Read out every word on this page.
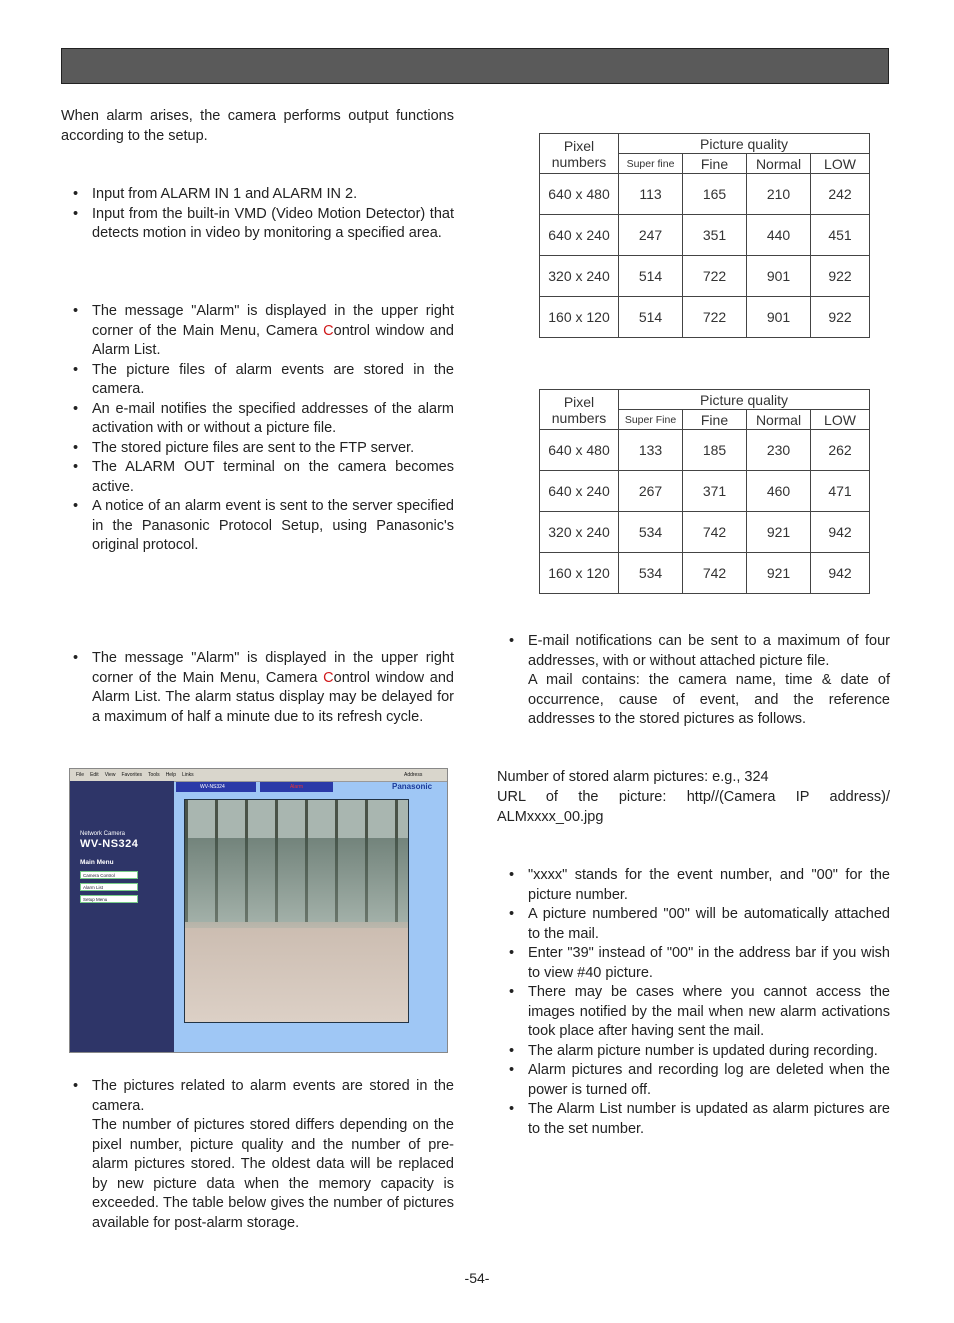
When alarm arises, the camera performs output functions according to the setup.
• Input from ALARM IN 1 and ALARM IN 2.
• Input from the built-in VMD (Video Motion Detector) that detects motion in video by monitoring a specified area.
• The message "Alarm" is displayed in the upper right corner of the Main Menu, Camera Control window and Alarm List.
• The picture files of alarm events are stored in the camera.
• An e-mail notifies the specified addresses of the alarm activation with or without a picture file.
• The stored picture files are sent to the FTP server.
• The ALARM OUT terminal on the camera becomes active.
• A notice of an alarm event is sent to the server specified in the Panasonic Protocol Setup, using Panasonic's original protocol.
• The message "Alarm" is displayed in the upper right corner of the Main Menu, Camera Control window and Alarm List. The alarm status display may be delayed for a maximum of half a minute due to its refresh cycle.
File Edit View Favorites Tools Help Links	Address
Network Camera
WV-NS324
Main Menu
Camera Control
Alarm List
Setup Menu
WV-NS324	Alarm	Panasonic
• The pictures related to alarm events are stored in the camera.
The number of pictures stored differs depending on the pixel number, picture quality and the number of pre-alarm pictures stored. The oldest data will be replaced by new picture data when the memory capacity is exceeded. The table below gives the number of pictures available for post-alarm storage.
Pixel numbers	Picture quality			
	Super fine	Fine	Normal	LOW
640 x 480	113	165	210	242
640 x 240	247	351	440	451
320 x 240	514	722	901	922
160 x 120	514	722	901	922
Pixel numbers	Picture quality			
	Super Fine	Fine	Normal	LOW
640 x 480	133	185	230	262
640 x 240	267	371	460	471
320 x 240	534	742	921	942
160 x 120	534	742	921	942
• E-mail notifications can be sent to a maximum of four addresses, with or without attached picture file.
A mail contains: the camera name, time & date of occurrence, cause of event, and the reference addresses to the stored pictures as follows.
Number of stored alarm pictures: e.g., 324
URL of the picture: http//(Camera IP address)/ ALMxxxx_00.jpg
• "xxxx" stands for the event number, and "00" for the picture number.
• A picture numbered "00" will be automatically attached to the mail.
• Enter "39" instead of "00" in the address bar if you wish to view #40 picture.
• There may be cases where you cannot access the images notified by the mail when new alarm activations took place after having sent the mail.
• The alarm picture number is updated during recording.
• Alarm pictures and recording log are deleted when the power is turned off.
• The Alarm List number is updated as alarm pictures are to the set number.
-54-
